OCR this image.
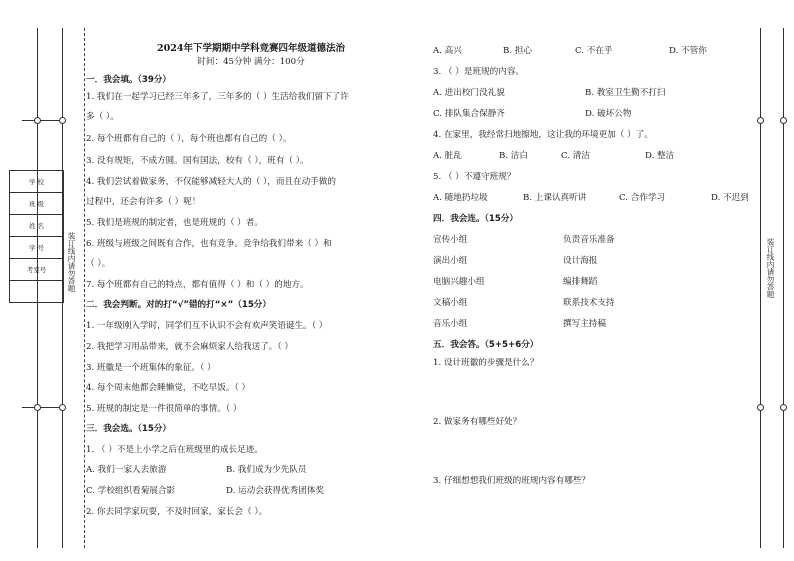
学 校
班 级
姓 名
学 号
考室号	装订线内请勿答题	装订线内请勿答题
2024年下学期期中学科竞赛四年级道德法治
时间：45分钟 满分：100分
一．我会填。（39分）
1. 我们在一起学习已经三年多了，三年多的（ ）生活给我们留下了许
多（ ）。
2. 每个班都有自己的（ ），每个班也都有自己的（ ）。
3. 没有规矩，不成方圆。国有国法，校有（ ），班有（ ）。
4. 我们尝试着做家务，不仅能够减轻大人的（ ），而且在动手做的
过程中，还会有许多（ ）呢！
5. 我们是班规的制定者，也是班规的（ ）者。
6. 班级与班级之间既有合作，也有竞争。竞争给我们带来（ ）和
（ ）。
7. 每个班都有自己的特点，都有值得（ ）和（ ）的地方。
二．我会判断。对的打“√”错的打“×”（15分）
1. 一年级刚入学时，同学们互不认识不会有欢声笑语诞生。（ ）
2. 我把学习用品带来，就不会麻烦家人给我送了。（ ）
3. 班徽是一个班集体的象征。（ ）
4. 每个周末他都会睡懒觉，不吃早饭。（ ）
5. 班规的制定是一件很简单的事情。（ ）
三．我会选。（15分）
1. （ ）不是上小学之后在班级里的成长足迹。
A. 我们一家人去旅游	B. 我们成为少先队员
C. 学校组织看菊展合影	D. 运动会获得优秀团体奖
2. 你去同学家玩耍，不及时回家，家长会（ ）。
A. 高兴	B. 担心	C. 不在乎	D. 不管你
3. （ ）是班规的内容。
A. 进出校门没礼貌	B. 教室卫生勤不打扫
C. 排队集合保静齐	D. 破坏公物
4. 在家里，我经常扫地擦地，这让我的环境更加（ ）了。
A. 脏乱	B. 洁白	C. 清洁	D. 整洁
5. （ ）不遵守班规？
A. 随地扔垃圾	B. 上课认真听讲	C. 合作学习	D. 不迟到
四．我会连。（15分）
宣传小组	负责音乐准备
演出小组	设计海报
电脑兴趣小组	编排舞蹈
文稿小组	联系技术支持
音乐小组	撰写主持稿
五．我会答。（5+5+6分）
1. 设计班徽的步骤是什么？
2. 做家务有哪些好处？
3. 仔细想想我们班级的班规内容有哪些？
